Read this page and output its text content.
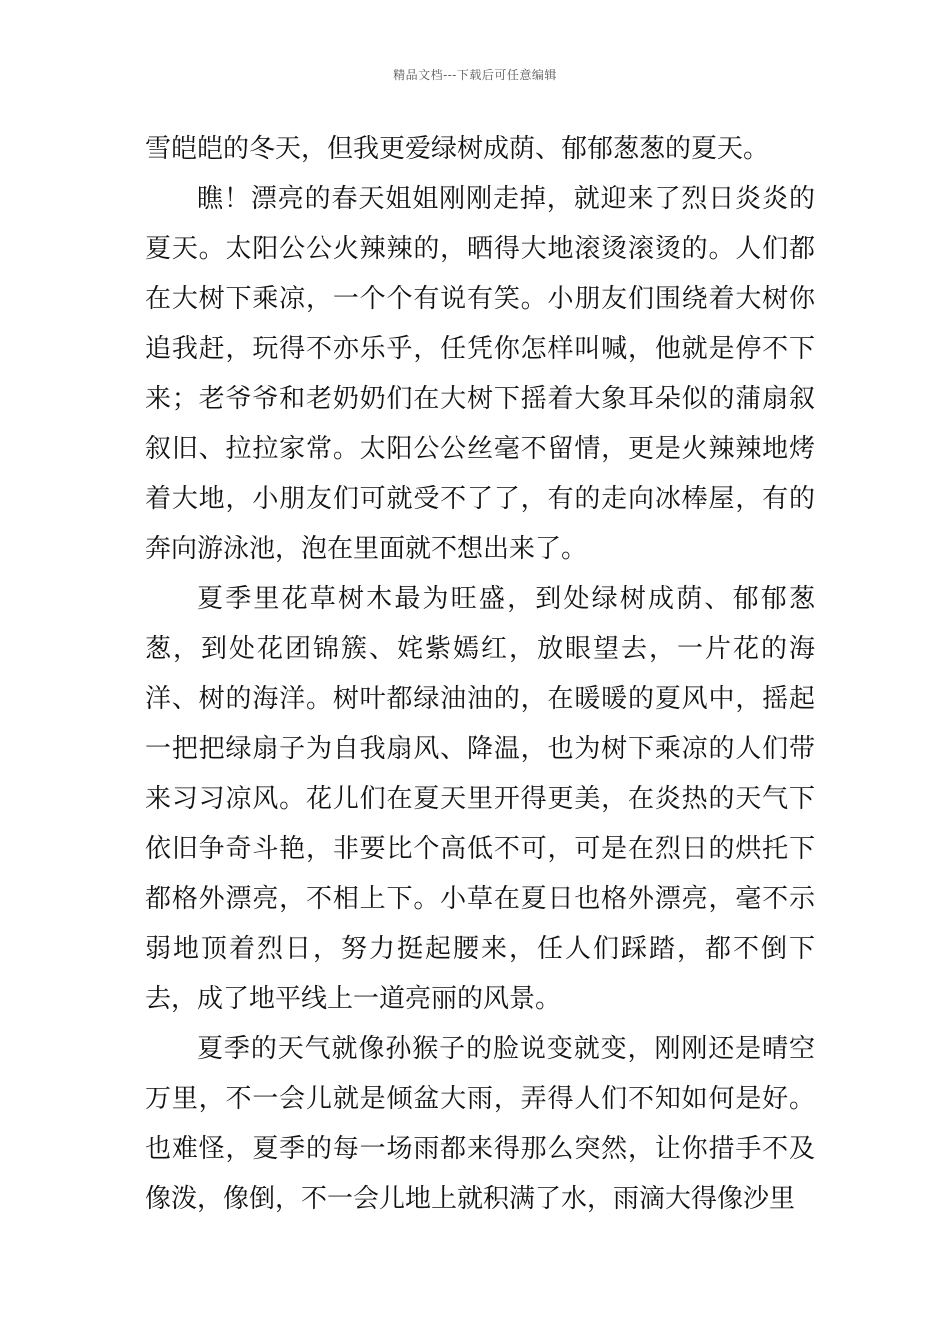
精品文档---下载后可任意编辑

雪皑皑的冬天，但我更爱绿树成荫、郁郁葱葱的夏天。

瞧！漂亮的春天姐姐刚刚走掉，就迎来了烈日炎炎的夏天。太阳公公火辣辣的，晒得大地滚烫滚烫的。人们都在大树下乘凉，一个个有说有笑。小朋友们围绕着大树你追我赶，玩得不亦乐乎，任凭你怎样叫喊，他就是停不下来；老爷爷和老奶奶们在大树下摇着大象耳朵似的蒲扇叙叙旧、拉拉家常。太阳公公丝毫不留情，更是火辣辣地烤着大地，小朋友们可就受不了了，有的走向冰棒屋，有的奔向游泳池，泡在里面就不想出来了。

夏季里花草树木最为旺盛，到处绿树成荫、郁郁葱葱，到处花团锦簇、姹紫嫣红，放眼望去，一片花的海洋、树的海洋。树叶都绿油油的，在暖暖的夏风中，摇起一把把绿扇子为自我扇风、降温，也为树下乘凉的人们带来习习凉风。花儿们在夏天里开得更美，在炎热的天气下依旧争奇斗艳，非要比个高低不可，可是在烈日的烘托下都格外漂亮，不相上下。小草在夏日也格外漂亮，毫不示弱地顶着烈日，努力挺起腰来，任人们踩踏，都不倒下去，成了地平线上一道亮丽的风景。

夏季的天气就像孙猴子的脸说变就变，刚刚还是晴空万里，不一会儿就是倾盆大雨，弄得人们不知如何是好。也难怪，夏季的每一场雨都来得那么突然，让你措手不及像泼，像倒，不一会儿地上就积满了水，雨滴大得像沙里
